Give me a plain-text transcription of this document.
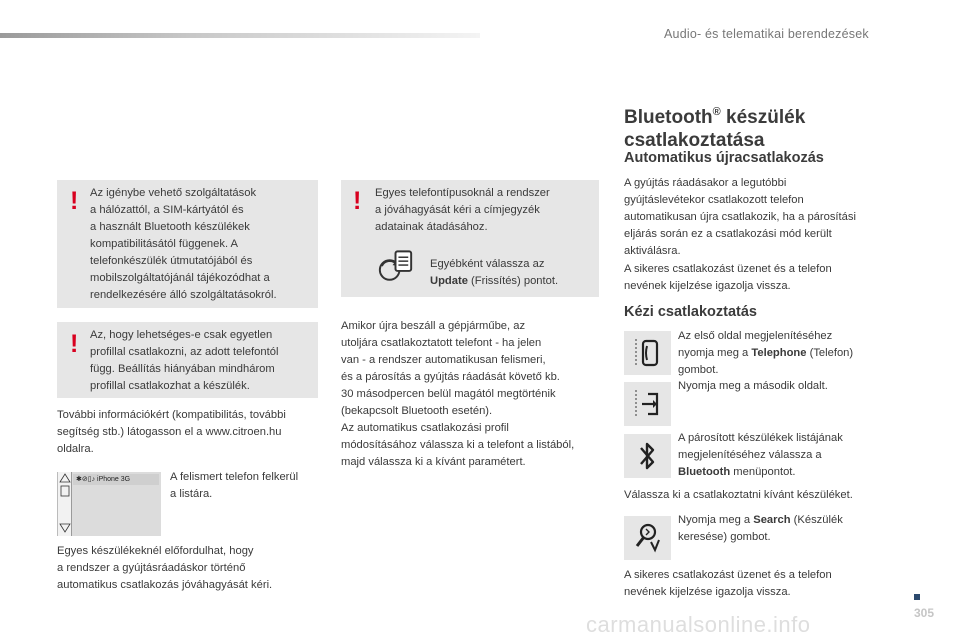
Audio- és telematikai berendezések
! Az igénybe vehető szolgáltatások
a hálózattól, a SIM-kártyától és
a használt Bluetooth készülékek
kompatibilitásától függenek. A
telefonkészülék útmutatójából és
mobilszolgáltatójánál tájékozódhat a
rendelkezésére álló szolgáltatásokról.
! Az, hogy lehetséges-e csak egyetlen
profillal csatlakozni, az adott telefontól
függ. Beállítás hiányában mindhárom
profillal csatlakozhat a készülék.
További információkért (kompatibilitás, további
segítség stb.) látogasson el a www.citroen.hu
oldalra.
✱⊘▯♪ iPhone 3G	A felismert telefon felkerül
a listára.
Egyes készülékeknél előfordulhat, hogy
a rendszer a gyújtásráadáskor történő
automatikus csatlakozás jóváhagyását kéri.
! Egyes telefontípusoknál a rendszer
a jóváhagyását kéri a címjegyzék
adatainak átadásához.

Egyébként válassza az
Update (Frissítés) pontot.

Amikor újra beszáll a gépjárműbe, az
utoljára csatlakoztatott telefont - ha jelen
van - a rendszer automatikusan felismeri,
és a párosítás a gyújtás ráadását követő kb.
30 másodpercen belül magától megtörténik
(bekapcsolt Bluetooth esetén).
Az automatikus csatlakozási profil
módosításához válassza ki a telefont a listából,
majd válassza ki a kívánt paramétert.
Bluetooth® készülék
csatlakoztatása
Automatikus újracsatlakozás
A gyújtás ráadásakor a legutóbbi
gyújtáslevétekor csatlakozott telefon
automatikusan újra csatlakozik, ha a párosítási
eljárás során ez a csatlakozási mód került
aktiválásra.
A sikeres csatlakozást üzenet és a telefon
nevének kijelzése igazolja vissza.
Kézi csatlakoztatás
Az első oldal megjelenítéséhez
nyomja meg a Telephone (Telefon)
gombot.
Nyomja meg a második oldalt.
A párosított készülékek listájának
megjelenítéséhez válassza a
Bluetooth menüpontot.
Válassza ki a csatlakoztatni kívánt készüléket.
Nyomja meg a Search (Készülék
keresése) gombot.
A sikeres csatlakozást üzenet és a telefon
nevének kijelzése igazolja vissza.
305
carmanualsonline.info
